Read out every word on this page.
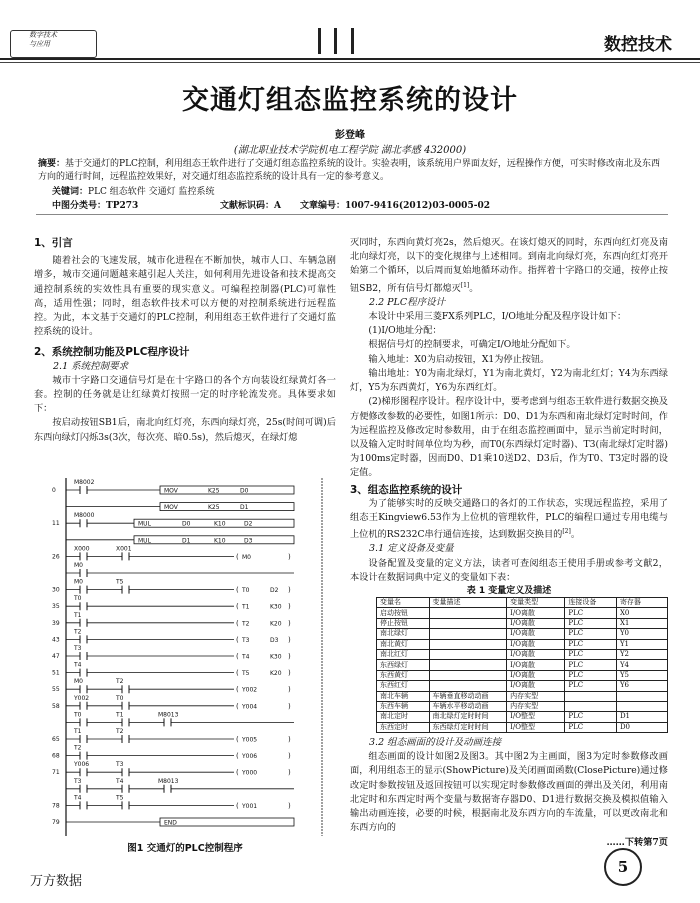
数字技术
与应用	数控技术
交通灯组态监控系统的设计
彭登峰
(湖北职业技术学院机电工程学院 湖北孝感 432000)
摘要：基于交通灯的PLC控制，利用组态王软件进行了交通灯组态监控系统的设计。实验表明，该系统用户界面友好，远程操作方便，可实时修改南北及东西方向的通行时间，远程监控效果好，对交通灯组态监控系统的设计具有一定的参考意义。
关键词：PLC 组态软件 交通灯 监控系统
中图分类号：TP273	文献标识码：A 文章编号：1007-9416(2012)03-0005-02
1、引言

随着社会的飞速发展，城市化进程在不断加快，城市人口、车辆急剧增多，城市交通问题越来越引起人关注，如何利用先进设备和技术提高交通控制系统的实效性具有重要的现实意义。可编程控制器(PLC)可靠性高，适用性强；同时，组态软件技术可以方便的对控制系统进行远程监控。为此，本文基于交通灯的PLC控制，利用组态王软件进行了交通灯监控系统的设计。

2、系统控制功能及PLC程序设计
2.1 系统控制要求

城市十字路口交通信号灯是在十字路口的各个方向装设红绿黄灯各一套。控制的任务就是让红绿黄灯按照一定的时序轮流发亮。具体要求如下：

按启动按钮SB1后，南北向红灯亮，东西向绿灯亮，25s(时间可调)后东西向绿灯闪烁3s(3次，每次亮、暗0.5s)，然后熄灭，在绿灯熄

0
M8002
MOV	K25	D0
MOV	K25	D1
11
M8000
MUL	D0	K10	D2
MUL	D1	K10	D3
26
X000	X001
( M0	)
M0
30
M0	T5
( T0	D2 )
35
T0
( T1	K30 )
39
T1
( T2	K20 )
43
T2
( T3	D3 )
47
T3
( T4	K30 )
51
T4
( T5	K20 )
55
M0	T2
( Y002	)
58
Y002	T0
( Y004	)
T0	T1	M8013
65
T1	T2
( Y005	)
68
T2
( Y006	)
71
Y006	T3
( Y000	)
T3	T4	M8013
78
T4	T5
( Y001	)
79	END
图1 交通灯的PLC控制程序

灭同时，东西向黄灯亮2s，然后熄灭。在该灯熄灭的同时，东西向红灯亮及南北向绿灯亮，以下的变化规律与上述相同。到南北向绿灯亮，东西向红灯亮开始第二个循环，以后周而复始地循环动作。指挥着十字路口的交通，按停止按钮SB2，所有信号灯都熄灭[1]。

2.2 PLC程序设计

本设计中采用三菱FX系列PLC，I/O地址分配及程序设计如下：

(1)I/O地址分配：

根据信号灯的控制要求，可确定I/O地址分配如下。

输入地址：X0为启动按钮，X1为停止按钮。

输出地址：Y0为南北绿灯，Y1为南北黄灯，Y2为南北红灯；Y4为东西绿灯，Y5为东西黄灯，Y6为东西红灯。

(2)梯形图程序设计。程序设计中，要考虑到与组态王软件进行数据交换及方便修改参数的必要性，如图1所示：D0、D1为东西和南北绿灯定时时间，作为远程监控及修改定时参数用，由于在组态监控画面中，显示当前定时时间，以及输入定时时间单位均为秒，而T0(东西绿灯定时器)、T3(南北绿灯定时器)为100ms定时器，因而D0、D1乘10送D2、D3后，作为T0、T3定时器的设定值。

3、组态监控系统的设计

为了能够实时的反映交通路口的各灯的工作状态，实现远程监控，采用了组态王Kingview6.53作为上位机的管理软件，PLC的编程口通过专用电缆与上位机的RS232C串行通信连接，达到数据交换目的[2]。

3.1 定义设备及变量

设备配置及变量的定义方法，读者可查阅组态王使用手册或参考文献2，本设计在数据词典中定义的变量如下表：

表 1 变量定义及描述
变量名	变量描述	变量类型	连接设备	寄存器
启动按钮		I/O离散	PLC	X0
停止按钮		I/O离散	PLC	X1
南北绿灯		I/O离散	PLC	Y0
南北黄灯		I/O离散	PLC	Y1
南北红灯		I/O离散	PLC	Y2
东西绿灯		I/O离散	PLC	Y4
东西黄灯		I/O离散	PLC	Y5
东西红灯		I/O离散	PLC	Y6
南北车辆	车辆垂直移动动画	内存实型		
东西车辆	车辆水平移动动画	内存实型		
南北定时	南北绿灯定时时间	I/O整型	PLC	D1
东西定时	东西绿灯定时时间	I/O整型	PLC	D0
3.2 组态画面的设计及动画连接

组态画面的设计如图2及图3。其中图2为主画面，图3为定时参数修改画面，利用组态王的显示(ShowPicture)及关闭画面函数(ClosePicture)通过修改定时参数按钮及返回按钮可以实现定时参数修改画面的弹出及关闭，利用南北定时和东西定时两个变量与数据寄存器D0、D1进行数据交换及模拟值输入输出动画连接，必要的时候，根据南北及东西方向的车流量，可以更改南北和东西方向的

……下转第7页
万方数据
5
